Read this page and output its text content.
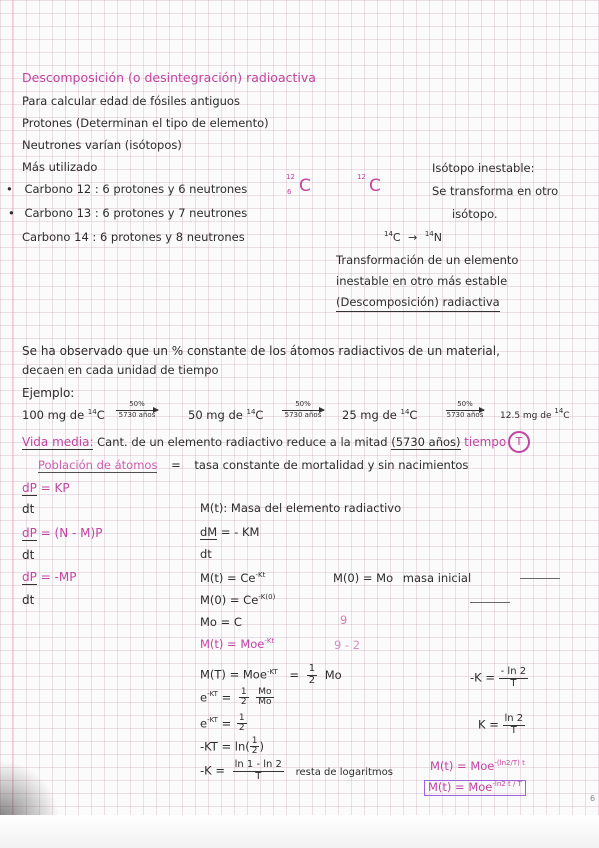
Descomposición (o desintegración) radioactiva
Para calcular edad de fósiles antiguos
Protones (Determinan el tipo de elemento)
Neutrones varían (isótopos)
Más utilizado
• Carbono 12 : 6 protones y 6 neutrones
• Carbono 13 : 6 protones y 7 neutrones
Carbono 14 : 6 protones y 8 neutrones
12
6 C	12 C
Isótopo inestable:
Se transforma en otro
isótopo.
$^{14}$C → $^{14}$N
Transformación de un elemento
inestable en otro más estable
(Descomposición) radiactiva
Se ha observado que un % constante de los átomos radiactivos de un material,
decaen en cada unidad de tiempo
Ejemplo:
100 mg de $^{14}$C
50%
5730 años	50 mg de $^{14}$C
50%
5730 años 25 mg de $^{14}$C
50%
5730 años 12.5 mg de $^{14}$C
Vida media: Cant. de un elemento radiactivo reduce a la mitad (5730 años) tiempo T
Población de átomos = tasa constante de mortalidad y sin nacimientos
dP = KP
dt
dP = (N - M)P
dt
dP = -MP
dt
M(t): Masa del elemento radiactivo
dM = - KM
dt
$M(t) = Ce^{-Kt}$	M(0) = Mo masa inicial
$M(0) = Ce^{-K(0)}$
Mo = C	9
9 - 2
M(t) = Moe$^{-Kt}$
$M(T) = Moe^{-KT} = \frac{1}{2}$ Mo
$e^{-KT} = \frac{1}{2}$
$\frac{Mo}{Mo}$
$e^{-KT} = \frac{1}{2}$
$-KT = \ln( \frac{1}{2}$ )
$-K = \frac{\ln 1 - \ln 2}{T}$ resta de logaritmos
$-K = \frac{- \ln 2}{T}$
$K = \frac{\ln 2}{T}$
M(t) = Moe$^{-(ln2/T) t}$
M(t) = Moe$^{-ln2 t / T}$
6
